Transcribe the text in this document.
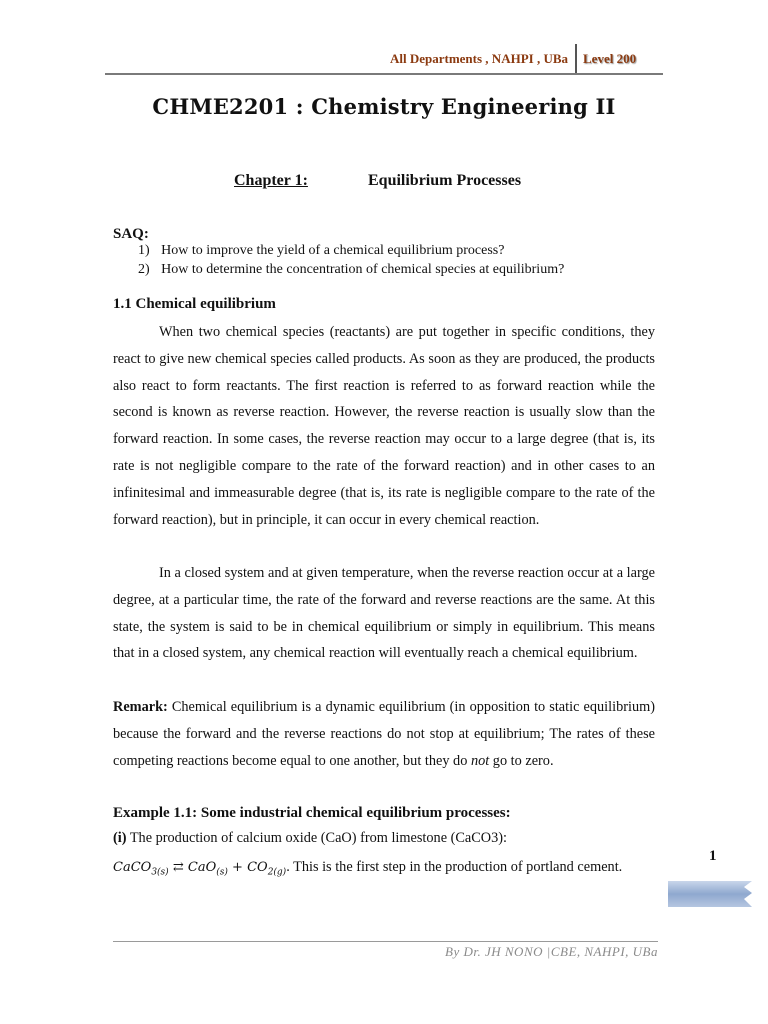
All Departments , NAHPI , UBa Level 200
CHME2201 : Chemistry Engineering II
Chapter 1:	Equilibrium Processes
SAQ:
1) How to improve the yield of a chemical equilibrium process?
2) How to determine the concentration of chemical species at equilibrium?
1.1 Chemical equilibrium

When two chemical species (reactants) are put together in specific conditions, they react to give new chemical species called products. As soon as they are produced, the products also react to form reactants. The first reaction is referred to as forward reaction while the second is known as reverse reaction. However, the reverse reaction is usually slow than the forward reaction. In some cases, the reverse reaction may occur to a large degree (that is, its rate is not negligible compare to the rate of the forward reaction) and in other cases to an infinitesimal and immeasurable degree (that is, its rate is negligible compare to the rate of the forward reaction), but in principle, it can occur in every chemical reaction.

In a closed system and at given temperature, when the reverse reaction occur at a large degree, at a particular time, the rate of the forward and reverse reactions are the same. At this state, the system is said to be in chemical equilibrium or simply in equilibrium. This means that in a closed system, any chemical reaction will eventually reach a chemical equilibrium.

Remark: Chemical equilibrium is a dynamic equilibrium (in opposition to static equilibrium) because the forward and the reverse reactions do not stop at equilibrium; The rates of these competing reactions become equal to one another, but they do not go to zero.

Example 1.1: Some industrial chemical equilibrium processes:
(i) The production of calcium oxide (CaO) from limestone (CaCO3):
CaCO$_{3(s)}$ ⇄ $CaO_{(s)} + CO_{2(g)}$. This is the first step in the production of portland cement.
1
By Dr. JH NONO |CBE, NAHPI, UBa
